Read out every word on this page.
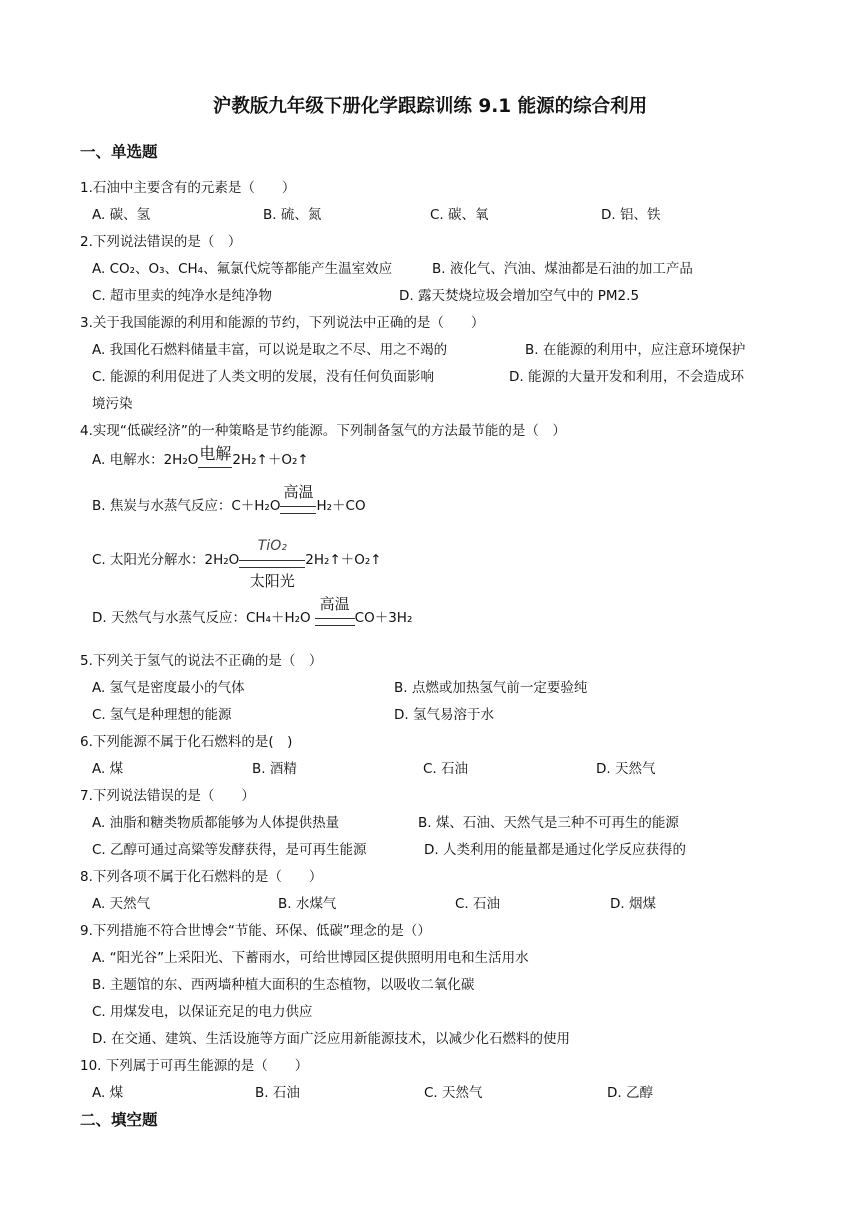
沪教版九年级下册化学跟踪训练 9.1 能源的综合利用
一、单选题
1.石油中主要含有的元素是（　　）
A. 碳、氢	B. 硫、氮	C. 碳、氧	D. 铝、铁
2.下列说法错误的是（　）
A. CO₂、O₃、CH₄、氟氯代烷等都能产生温室效应	B. 液化气、汽油、煤油都是石油的加工产品
C. 超市里卖的纯净水是纯净物	D. 露天焚烧垃圾会增加空气中的 PM2.5
3.关于我国能源的利用和能源的节约，下列说法中正确的是（　　）
A. 我国化石燃料储量丰富，可以说是取之不尽、用之不竭的	B. 在能源的利用中，应注意环境保护
C. 能源的利用促进了人类文明的发展，没有任何负面影响	D. 能源的大量开发和利用，不会造成环
境污染
4.实现“低碳经济”的一种策略是节约能源。下列制备氢气的方法最节能的是（　）
A. 电解水：2H₂O 电解 2H₂↑＋O₂↑
B. 焦炭与水蒸气反应：C＋H₂O
高温
H₂＋CO
C. 太阳光分解水：2H₂O
TiO₂
太阳光
2H₂↑＋O₂↑
D. 天然气与水蒸气反应：CH₄＋H₂O
高温
CO＋3H₂
5.下列关于氢气的说法不正确的是（　）
A. 氢气是密度最小的气体	B. 点燃或加热氢气前一定要验纯
C. 氢气是种理想的能源	D. 氢气易溶于水
6.下列能源不属于化石燃料的是(　)
A. 煤	B. 酒精	C. 石油	D. 天然气
7.下列说法错误的是（　　）
A. 油脂和糖类物质都能够为人体提供热量	B. 煤、石油、天然气是三种不可再生的能源
C. 乙醇可通过高粱等发酵获得，是可再生能源	D. 人类利用的能量都是通过化学反应获得的
8.下列各项不属于化石燃料的是（　　）
A. 天然气	B. 水煤气	C. 石油	D. 烟煤
9.下列措施不符合世博会“节能、环保、低碳”理念的是（）
A. “阳光谷”上采阳光、下蓄雨水，可给世博园区提供照明用电和生活用水
B. 主题馆的东、西两墙种植大面积的生态植物，以吸收二氧化碳
C. 用煤发电，以保证充足的电力供应
D. 在交通、建筑、生活设施等方面广泛应用新能源技术，以减少化石燃料的使用
10. 下列属于可再生能源的是（　　）
A. 煤	B. 石油	C. 天然气	D. 乙醇
二、填空题
